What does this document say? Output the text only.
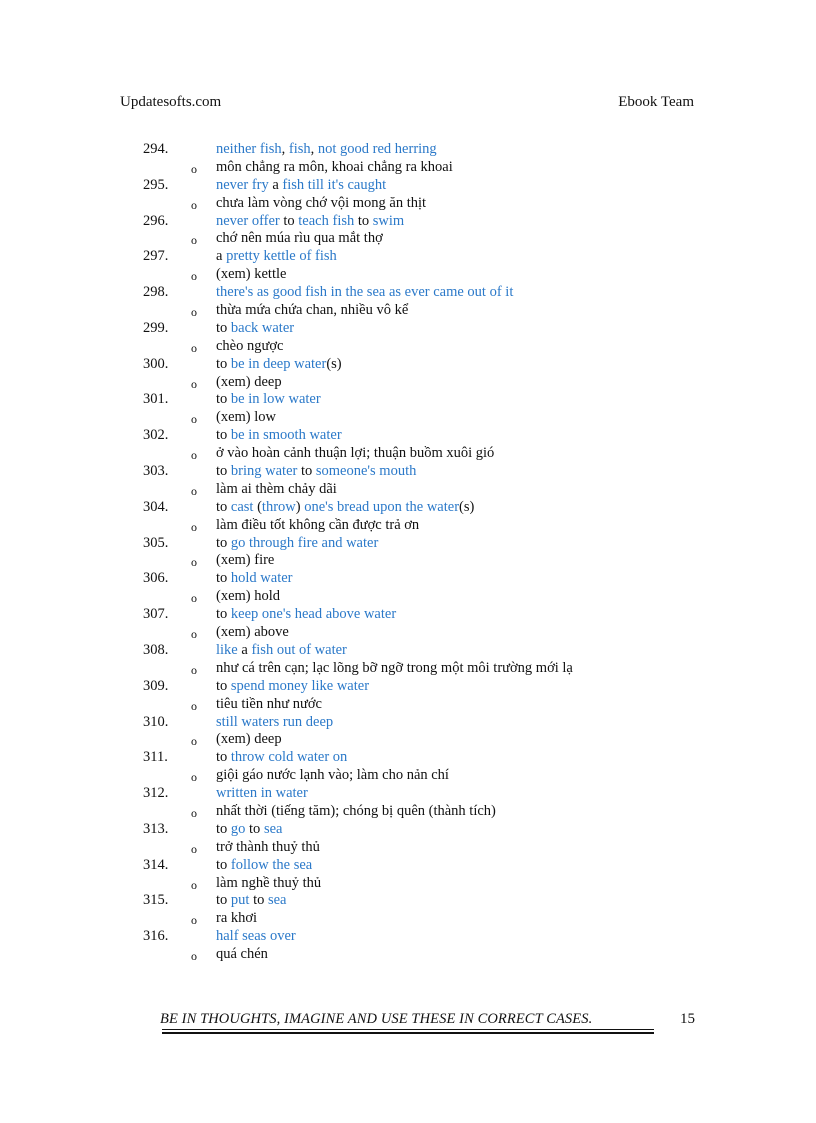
Updatesofts.com	Ebook Team
294.	neither fish, fish, not good red herring
o môn chẳng ra môn, khoai chẳng ra khoai
295.	never fry a fish till it's caught
o chưa làm vòng chớ vội mong ăn thịt
296.	never offer to teach fish to swim
o chớ nên múa rìu qua mắt thợ
297.	a pretty kettle of fish
o (xem) kettle
298.	there's as good fish in the sea as ever came out of it
o thừa mứa chứa chan, nhiều vô kể
299.	to back water
o chèo ngược
300.	to be in deep water(s)
o (xem) deep
301.	to be in low water
o (xem) low
302.	to be in smooth water
o ở vào hoàn cảnh thuận lợi; thuận buồm xuôi gió
303.	to bring water to someone's mouth
o làm ai thèm chảy dãi
304.	to cast (throw) one's bread upon the water(s)
o làm điều tốt không cần được trả ơn
305.	to go through fire and water
o (xem) fire
306.	to hold water
o (xem) hold
307.	to keep one's head above water
o (xem) above
308.	like a fish out of water
o như cá trên cạn; lạc lõng bỡ ngỡ trong một môi trường mới lạ
309.	to spend money like water
o tiêu tiền như nước
310.	still waters run deep
o (xem) deep
311.	to throw cold water on
o giội gáo nước lạnh vào; làm cho nản chí
312.	written in water
o nhất thời (tiếng tăm); chóng bị quên (thành tích)
313.	to go to sea
o trở thành thuỷ thủ
314.	to follow the sea
o làm nghề thuỷ thủ
315.	to put to sea
o ra khơi
316.	half seas over
o quá chén
BE IN THOUGHTS, IMAGINE AND USE THESE IN CORRECT CASES.	15
